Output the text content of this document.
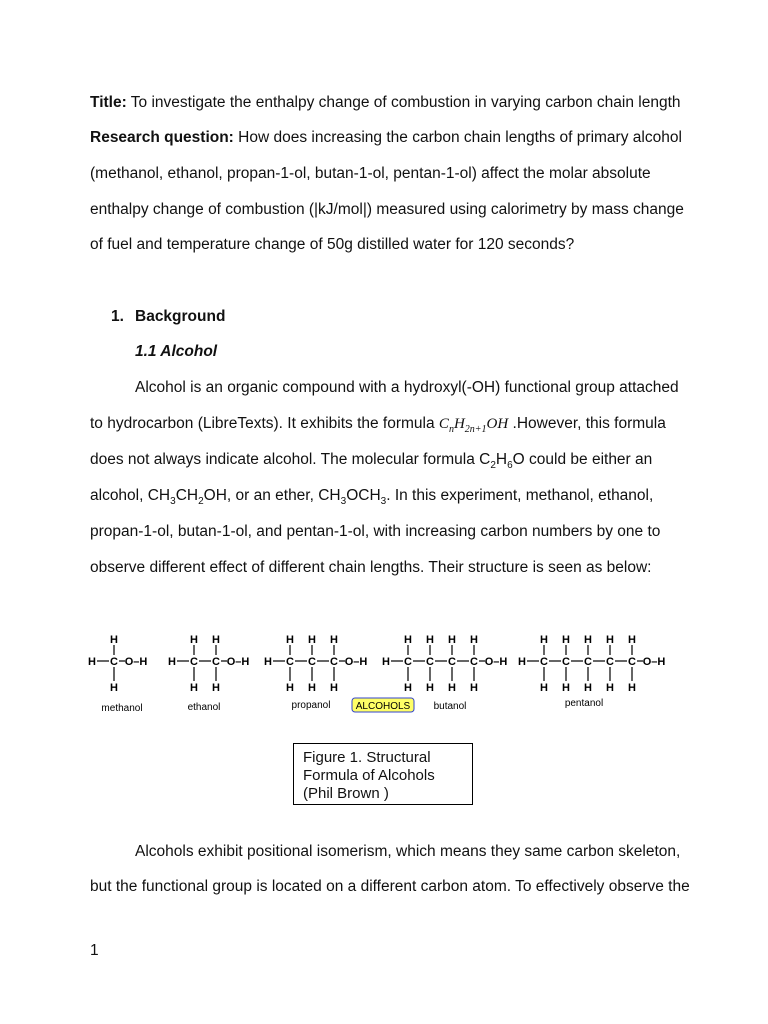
Title: To investigate the enthalpy change of combustion in varying carbon chain length
Research question: How does increasing the carbon chain lengths of primary alcohol
(methanol, ethanol, propan-1-ol, butan-1-ol, pentan-1-ol) affect the molar absolute
enthalpy change of combustion (|kJ/mol|) measured using calorimetry by mass change
of fuel and temperature change of 50g distilled water for 120 seconds?
1. Background
1.1 Alcohol
Alcohol is an organic compound with a hydroxyl(-OH) functional group attached
to hydrocarbon (LibreTexts). It exhibits the formula $C_nH_{2n+1}OH$ .However, this formula
does not always indicate alcohol. The molecular formula $C_2H_6O$ could be either an
alcohol, $CH_3CH_2OH$, or an ether, $CH_3OCH_3$. In this experiment, methanol, ethanol,
propan-1-ol, butan-1-ol, and pentan-1-ol, with increasing carbon numbers by one to
observe different effect of different chain lengths. Their structure is seen as below:
H C
H
H
O–H H C
H
H
C
H
H
O–H H C
H
H
C
H
H
C
H
H
O–H H C
H
H
C
H
H
C
H
H
C
H
H
O–H H C
H
H
C
H
H
C
H
H
C
H
H
C
H
H
O–H
methanol	ethanol	propanol	ALCOHOLS butanol	pentanol
Figure 1. Structural Formula of Alcohols (Phil Brown )
Alcohols exhibit positional isomerism, which means they same carbon skeleton,
but the functional group is located on a different carbon atom. To effectively observe the
1
